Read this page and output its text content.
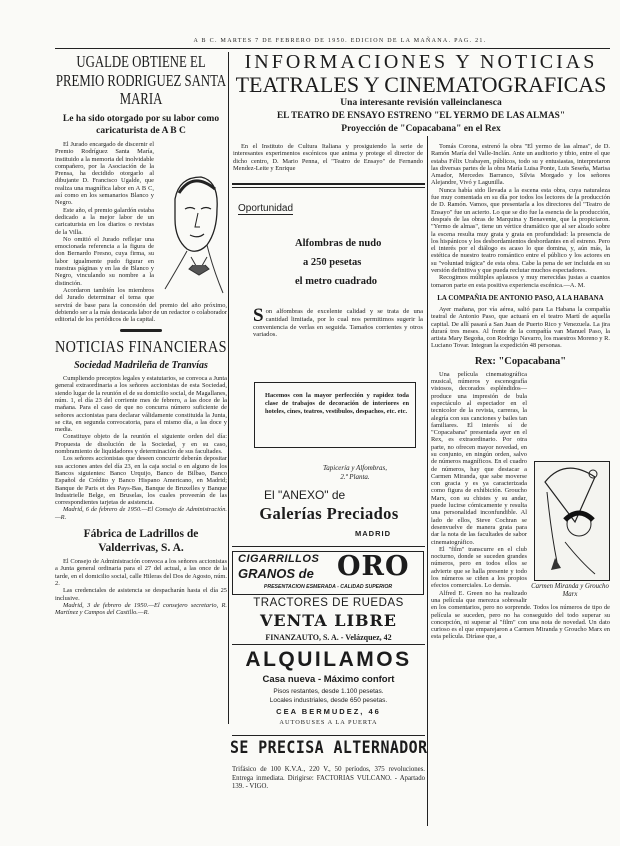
A B C. MARTES 7 DE FEBRERO DE 1950. EDICION DE LA MAÑANA. PAG. 21.
UGALDE OBTIENE EL PREMIO RODRIGUEZ SANTA MARIA
Le ha sido otorgado por su labor como caricaturista de A B C

El Jurado encargado de discernir el Premio Rodríguez Santa María, instituido a la memoria del inolvidable compañero, por la Asociación de la Prensa, ha decidido otorgarlo al dibujante D. Francisco Ugalde, que realiza una magnífica labor en A B C, así como en los semanarios Blanco y Negro.

Este año, el premio galardón estaba dedicado a la mejor labor de un caricaturista en los diarios o revistas de la Villa.

No omitió el Jurado reflejar una emocionada referencia a la figura de don Bernardo Fresno, cuya firma, su labor igualmente pudo figurar en nuestras páginas y en las de Blanco y Negro, vinculando su nombre a la distinción.

Acordaron también los miembros del Jurado determinar el tema que servirá de base para la concesión del premio del año próximo, debiendo ser a la más destacada labor de un redactor o colaborador editorial de los periódicos de la capital.

NOTICIAS FINANCIERAS
Sociedad Madrileña de Tranvías

Cumpliendo preceptos legales y estatutarios, se convoca a Junta general extraordinaria a los señores accionistas de esta Sociedad, siendo lugar de la reunión el de su domicilio social, de Magallanes, núm. 1, el día 23 del corriente mes de febrero, a las doce de la mañana. Para el caso de que no concurra número suficiente de señores accionistas para declarar válidamente constituida la Junta, se cita, en segunda convocatoria, para el mismo día, a las doce y media.

Constituye objeto de la reunión el siguiente orden del día: Propuesta de disolución de la Sociedad, y en su caso, nombramiento de liquidadores y determinación de sus facultades.

Los señores accionistas que deseen concurrir deberán depositar sus acciones antes del día 23, en la caja social o en alguno de los Bancos siguientes: Banco Urquijo, Banco de Bilbao, Banco Español de Crédito y Banco Hispano Americano, en Madrid; Banque de Paris et des Pays-Bas, Banque de Bruxelles y Banque Industrielle Belge, en Bruselas, los cuales proveerán de las correspondientes tarjetas de asistencia.

Madrid, 6 de febrero de 1950.—El Consejo de Administración.—R.

Fábrica de Ladrillos de Valderrivas, S. A.

El Consejo de Administración convoca a los señores accionistas a Junta general ordinaria para el 27 del actual, a las once de la tarde, en el domicilio social, calle Hileras del Dos de Agosto, núm. 2.

Las credenciales de asistencia se despacharán hasta el día 25 inclusive.

Madrid, 3 de febrero de 1950.—El consejero secretario, R. Martínez y Campos del Castillo.—R.

INFORMACIONES Y NOTICIAS
TEATRALES Y CINEMATOGRAFICAS
Una interesante revisión valleinclanesca
EL TEATRO DE ENSAYO ESTRENO "EL YERMO DE LAS ALMAS"
Proyección de "Copacabana" en el Rex

En el Instituto de Cultura Italiana y prosiguiendo la serie de interesantes experimentos escénicos que anima y protege el director de dicho centro, D. Mario Penna, el "Teatro de Ensayo" de Fernando Mendez-Leite y Enrique

Tomás Corona, estrenó la obra "El yermo de las almas", de D. Ramón María del Valle-Inclán. Ante un auditorio y tibio, entre el que estaba Félix Urabayen, públicos, todo su y entusiastas, interpretaron las diversas partes de la obra María Luisa Ponte, Luis Seseña, Marisa Amador, Mercedes Barranco, Silvia Morgado y los señores Alejandre, Vivó y Lagunilla.

Nunca había sido llevada a la escena esta obra, cuya naturaleza fue muy comentada en su día por todos los lectores de la producción de D. Ramón. Vamos, que presentarla a los directores del "Teatro de Ensayo" fue un acierto. Lo que se dio fue la esencia de la producción, después de las obras de Marquina y Benavente, que la propiciaron. "Yermo de almas", tiene un vértice dramático que al ser alzado sobre la escena resulta muy grata y grata en profundidad: la presencia de los hispánicos y los desbordamientos desbordantes en el estreno. Pero el interés por el diálogo es acaso lo que domina, y, aún más, la estética de nuestro teatro romántico entre el público y los actores en su "voluntad trágica" de esta obra. Cabe la pena de ser incluida en su versión definitiva y que pueda reclutar muchos espectadores.

Recogimos múltiples aplausos y muy merecidas justas a cuantos tomaron parte en esta positiva experiencia escénica.—A. M.

LA COMPAÑIA DE ANTONIO PASO, A LA HABANA

Ayer mañana, por vía aérea, salió para La Habana la compañía teatral de Antonio Paso, que actuará en el teatro Martí de aquella capital. De allí pasará a San Juan de Puerto Rico y Venezuela. La jira durará tres meses. Al frente de la compañía van Manuel Paso, la artista Mary Begoña, con Rodrigo Navarro, los maestros Moreno y R. Luciano Tovar. Integran la expedición 48 personas.

Rex: "Copacabana"
Carmen Miranda y Groucho Marx

Una película cinematográfica musical, números y escenografía vistosos, decorados espléndidos—produce una impresión de bula espectáculo al espectador en el tecnicolor de la revista, carreras, la alegría con sus canciones y bailes tan familiares. El interés sí de "Copacabana" presentada ayer en el Rex, es extraordinario. Por otra parte, no ofrecen mayor novedad, en su conjunto, en ningún orden, salvo de números magníficos. En el cuadro de números, hay que destacar a Carmen Miranda, que sabe moverse con gracia y es ya caracterizada como figura de exhibición. Groucho Marx, con su chistes y su andar, puede lucirse cómicamente y resulta una personalidad inconfundible. Al lado de ellos, Steve Cochran se desenvuelve de manera grata para dar la nota de las facultades de sabor cinematográfico.

El "film" transcurre en el club nocturno, donde se suceden grandes números, pero en todos ellos se advierte que se halla presente y todo los números se ciñen a los propios efectos comerciales. Lo demás.

Alfred E. Green no ha realizado una película que merezca sobresalir en los comentarios, pero no sorprende. Todos los números de tipo de película se suceden, pero no ha conseguido del todo superar su concepción, ni superar al "film" con una nota de novedad. Un dato curioso es el que emparejaron a Carmen Miranda y Groucho Marx en esta película. Diríase que, a

Oportunidad
Alfombras de nudo
a 250 pesetas
el metro cuadrado
S on alfombras de excelente calidad y se trata de una cantidad limitada, por lo cual nos permitimos sugerir la conveniencia de verlas en seguida. Tamaños corrientes y otros variados.
Hacemos con la mayor perfección y rapidez toda clase de trabajos de decoración de interiores en hoteles, cines, teatros, vestíbulos, despachos, etc. etc.
Tapicería y Alfombras,
2.ª Planta.
El "ANEXO" de
Galerías Preciados
MADRID
CIGARRILLOS
GRANOS de ORO
PRESENTACION ESMERADA - CALIDAD SUPERIOR
TRACTORES DE RUEDAS
VENTA LIBRE
FINANZAUTO, S. A. - Velázquez, 42
ALQUILAMOS
Casa nueva - Máximo confort
Pisos restantes, desde 1.100 pesetas.
Locales industriales, desde 650 pesetas.
CEA BERMUDEZ, 46
AUTOBUSES A LA PUERTA
SE PRECISA ALTERNADOR
Trifásico de 100 K.V.A., 220 V., 50 períodos, 375 revoluciones. Entrega inmediata. Dirigirse: FACTORIAS VULCANO. - Apartado 139. - VIGO.
